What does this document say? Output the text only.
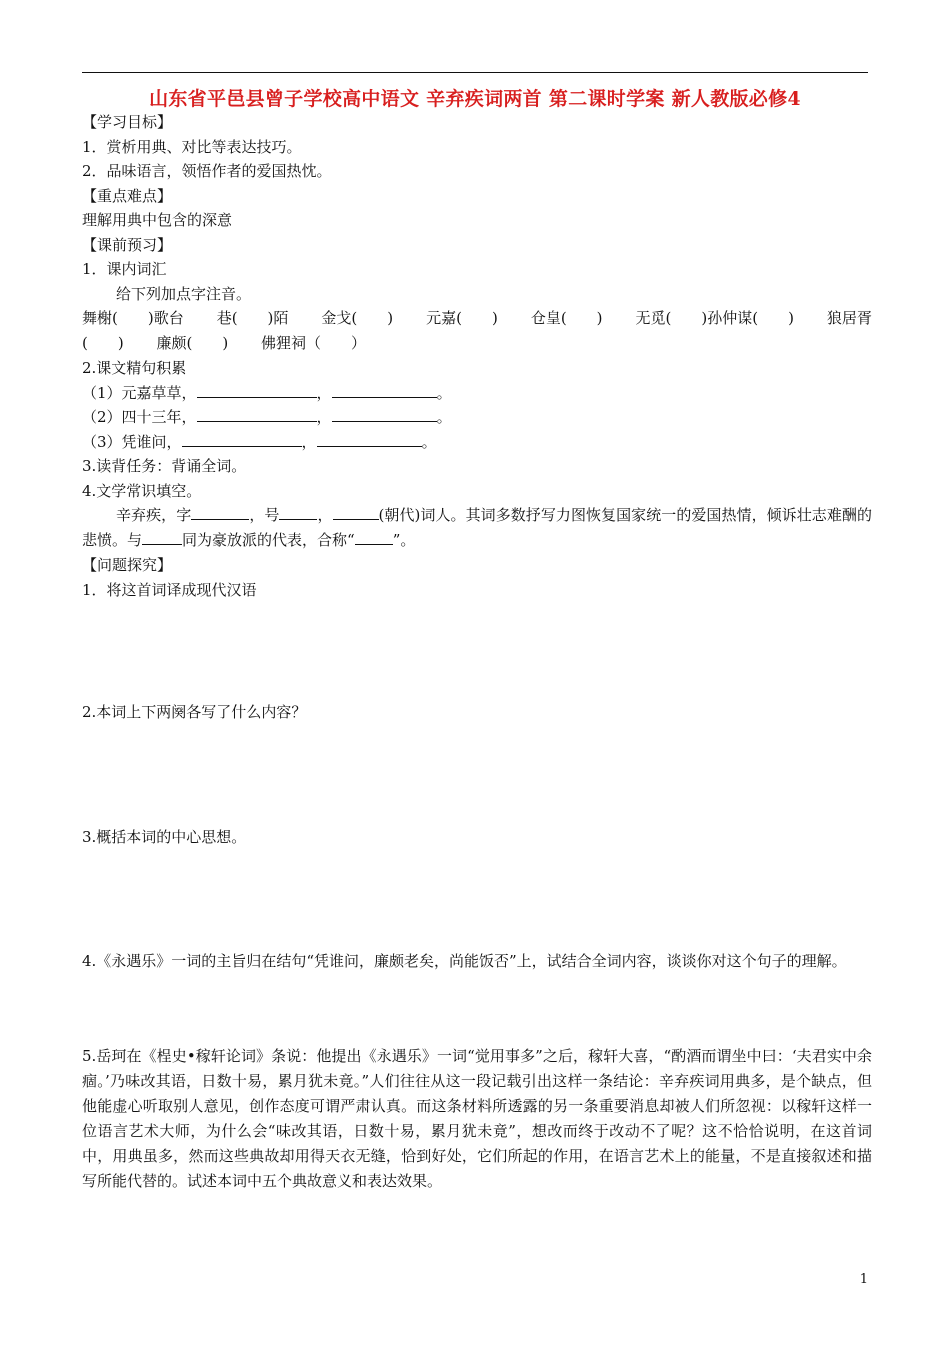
山东省平邑县曾子学校高中语文 辛弃疾词两首 第二课时学案 新人教版必修4
【学习目标】
1．赏析用典、对比等表达技巧。
2．品味语言，领悟作者的爱国热忱。
【重点难点】
理解用典中包含的深意
【课前预习】
1．课内词汇
给下列加点字注音。
舞榭(　　)歌台 巷(　　)陌 金戈(　　) 元嘉(　　) 仓皇(　　) 无觅(　　)孙仲谋(　　) 狼居胥
(　　) 廉颇(　　) 佛狸祠（　　）
2.课文精句积累
（1）元嘉草草，	，	。
（2）四十三年，	，	。
（3）凭谁问，	，	。
3.读背任务：背诵全词。
4.文学常识填空。
辛弃疾，字	，号	，	(朝代)词人。其词多数抒写力图恢复国家统一的爱国热情，倾诉壮志难酬的悲愤。与	同为豪放派的代表，合称“	”。
【问题探究】
1．将这首词译成现代汉语
2.本词上下两阕各写了什么内容？
3.概括本词的中心思想。
4.《永遇乐》一词的主旨归在结句“凭谁问，廉颇老矣，尚能饭否”上，试结合全词内容，谈谈你对这个句子的理解。
5.岳珂在《桯史•稼轩论词》条说：他提出《永遇乐》一词“觉用事多”之后，稼轩大喜，“酌酒而谓坐中曰：‘夫君实中余痼。’乃味改其语，日数十易，累月犹未竟。”人们往往从这一段记载引出这样一条结论：辛弃疾词用典多，是个缺点，但他能虚心听取别人意见，创作态度可谓严肃认真。而这条材料所透露的另一条重要消息却被人们所忽视：以稼轩这样一位语言艺术大师，为什么会“味改其语，日数十易，累月犹未竟”，想改而终于改动不了呢？这不恰恰说明，在这首词中，用典虽多，然而这些典故却用得天衣无缝，恰到好处，它们所起的作用，在语言艺术上的能量，不是直接叙述和描写所能代替的。试述本词中五个典故意义和表达效果。
1
